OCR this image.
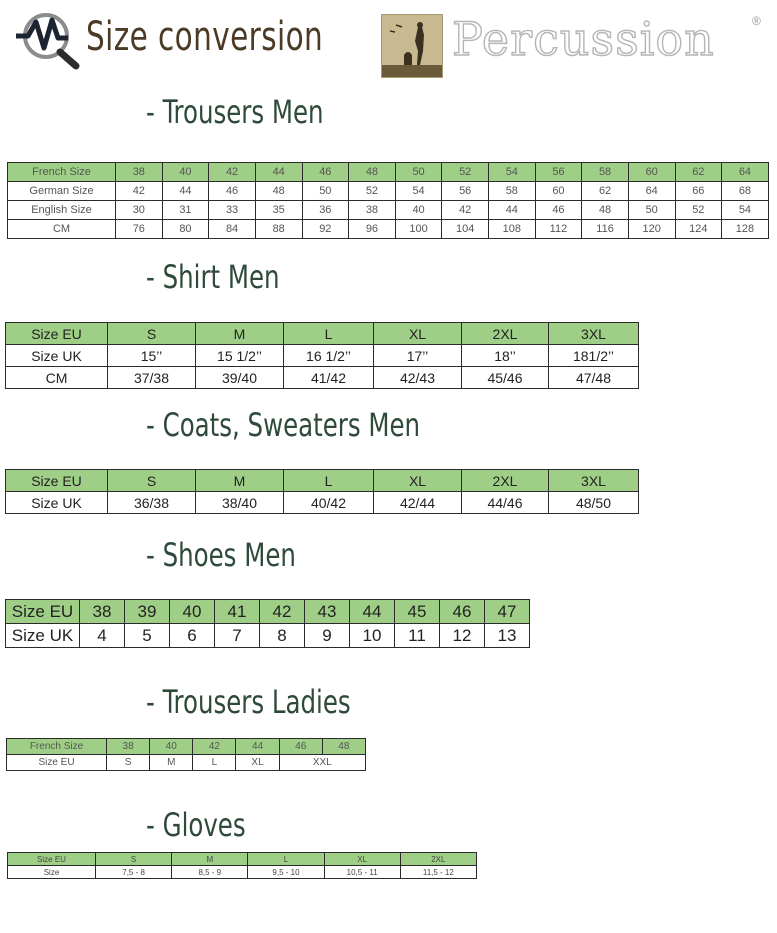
Size conversion	Percussion	®
- Trousers Men
French Size	38	40	42	44	46	48	50	52	54	56	58	60	62	64
German Size	42	44	46	48	50	52	54	56	58	60	62	64	66	68
English Size	30	31	33	35	36	38	40	42	44	46	48	50	52	54
CM	76	80	84	88	92	96	100	104	108	112	116	120	124	128
- Shirt Men
Size EU	S	M	L	XL	2XL	3XL
Size UK	15’’	15 1/2’’	16 1/2’’	17’’	18’’	181/2’’
CM	37/38	39/40	41/42	42/43	45/46	47/48
- Coats, Sweaters Men
Size EU	S	M	L	XL	2XL	3XL
Size UK	36/38	38/40	40/42	42/44	44/46	48/50
- Shoes Men
Size EU	38	39	40	41	42	43	44	45	46	47
Size UK	4	5	6	7	8	9	10	11	12	13
- Trousers Ladies
French Size	38	40	42	44	46	48
Size EU	S	M	L	XL	XXL	
- Gloves
Size EU	S	M	L	XL	2XL
Size	7,5 - 8	8,5 - 9	9,5 - 10	10,5 - 11	11,5 - 12
